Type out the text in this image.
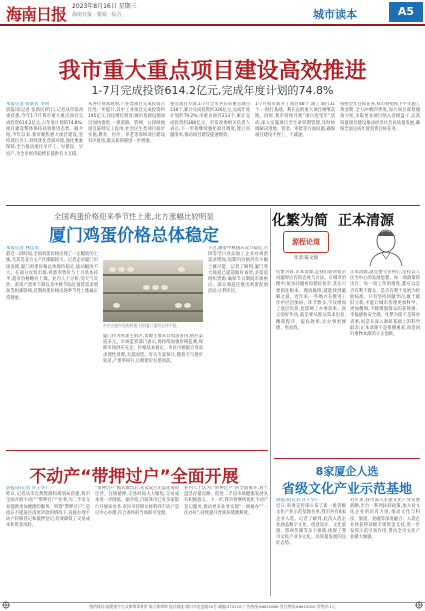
海南日报 2023年8月16日 星期三
海南日报 · 要闻 · 综合	城市读本	A5
我市重大重点项目建设高效推进
1-7月完成投资614.2亿元,完成年度计划的74.8%
本报记者 张新民 李明
晨报讯(记者 张新民)昨日,记者从市发改委获悉,今年1-7月我市重大重点项目完成投资614.2亿元,占年度计划的74.8%,项目建设整体保持高效推进态势。据介绍,今年以来,我市聚焦重大项目建设,坚持项目为王,持续优化营商环境,强化要素保障,全力推动项目早开工、早建设、早投产,为全市经济稳增长提供有力支撑。
从各行业领域看,产业类项目完成投资占比进一步提升,其中工业项目完成投资约195亿元,同比增长明显;城市基础设施项目加快推进,一批道路、管网、公园绿地项目陆续完工投用;社会民生类项目稳步实施,教育、医疗、养老等领域项目建设有序推进,群众获得感进一步增强。
重点项目方面,1-7月全市共有省重点项目138个,累计完成投资约326亿元,完成年度计划的79.2%;市重点项目213个,累计完成投资约288亿元。市发改委相关负责人表示,下一步将继续强化项目调度,建立问题清单,推动项目建设提速增效。
1-7月我市新开工项目48个,竣工项目31个,一批打基础、利长远的重大项目相继落地。同时,我市持续开展“项目攻坚年”活动,深入实施项目全生命周期管理,及时协调解决用地、资金、审批等方面问题,确保项目建设不停工、不减速。
按照全年目标任务,我市将抢抓下半年施工黄金期,全力冲刺四季度,加大项目谋划储备力度,争取更多项目纳入省级盘子,以高质量项目建设推动经济社会高质量发展,确保全面完成年度投资目标任务。
全国鸡蛋价格迎来季节性上涨,北方涨幅比较明显
厦门鸡蛋价格总体稳定
本报记者 林佳琪
最近一段时间,全国鸡蛋价格出现了一定幅度的上涨,尤其是北方主产区涨幅较大。记者走访厦门市场发现,厦门鸡蛋价格总体保持稳定,波动幅度不大。在部分农贸市场,鸡蛋零售价与上月基本持平;超市价格略有上调。业内人士分析,受天气炎热、蛋鸡产蛋率下降以及中秋节临近备货需求增加等因素影响,近期鸡蛋价格出现季节性上涨属正常现象。
市民在超市选购鸡蛋,目前厦门蛋价总体平稳。
厦门作为鸡蛋主销区,货源主要来自周边省份,供应渠道多元。市场监管部门表示,将持续加强价格监测,保障市场供应充足、价格基本稳定。市民可根据自身需求理性消费,无需囤货。有关专家预计,随着天气逐步转凉,产蛋率回升,后期蛋价有望回落。
不过,随着中秋国庆双节临近,月饼等节日食品加工企业对鸡蛋需求增加,短期内价格仍有小幅上涨可能。记者了解到,厦门各大商超已提前做好备货,多渠道组织货源,确保节日期间市场供应。部分商超还推出鸡蛋促销活动,让利市民。
化繁为简 正本清源
源程论道
作者:陈文锦
化繁为简,正本清源,是我们面对复杂问题时应有的态度与方法。在城市治理中,很多问题看似错综复杂,其实只要抓住根本、理清脉络,就能找到破解之道。近年来,一些地方在推进工作中层层加码、环节繁多,不仅增加了基层负担,也影响了办事效率。真正的好作风,就是要从群众需求出发,精简程序、提高效率,让办事更便捷、更高效。
正本清源,就是要守住初心,坚持以人民为中心的发展思想。每一项政策的出台、每一项工作的推进,都应以是否有利于群众、是否有利于发展为检验标准。只有坚持问题导向,敢于破旧立新,才能让城市治理更加科学、更加精细,不断增强群众的获得感、幸福感和安全感。化繁为简不是简单省事,而是在深入调研基础上的科学取舍;正本清源不是推倒重来,而是回归事物本源的守正创新。
不动产“带押过户”全面开展
晨报讯(记者 许子华)
昨日,记者从市自然资源和规划局获悉,我市全面开展不动产“带押过户”业务,为二手房交易提供更加便捷的服务。所谓“带押过户”,是指在不提前还清原贷款的情况下,直接办理不动产转移登记和抵押登记,有效降低了交易成本和资金风险。
“带押过户”模式推出后,买卖双方无需先筹资还贷、注销抵押,交易时间大大缩短,交易成本进一步降低。据介绍,目前我市已有多家银行开展该业务,市民可持相关材料到不动产登记中心办理,符合条件的当场即可受理。
业内人士认为,“带押过户”的全面推开,对于盘活存量房源、促进二手房市场健康发展具有积极意义。下一步,我市将继续优化不动产登记服务,推动更多业务实现“一网通办”“一次办好”,持续提升营商环境便利度。
8家厦企人选
省级文化产业示范基地
晨报讯(记者 许子华)
近日,省委宣传部公布了新一批省级文化产业示范基地名单,我市共有8家企业入选。记者了解到,此次入选企业涵盖数字文化、创意设计、文化旅游、影视传媒等多个领域,体现了我市文化产业多元化、高质量发展的良好态势。
近年来,我市深入实施文化产业发展战略,出台一系列扶持政策,加大对文化企业的培育力度,推动文化与科技、旅游、金融等深度融合。入选企业将获得省级专项资金支持,进一步发挥示范引领作用,带动全市文化产业做大做强。
签约顾问:福建重宇合众律师事务所 陈立新律师 报社地址:海口市金盘路30号 邮编:570216 广告热线:66810666 发行热线:66810000 零售价:1元
